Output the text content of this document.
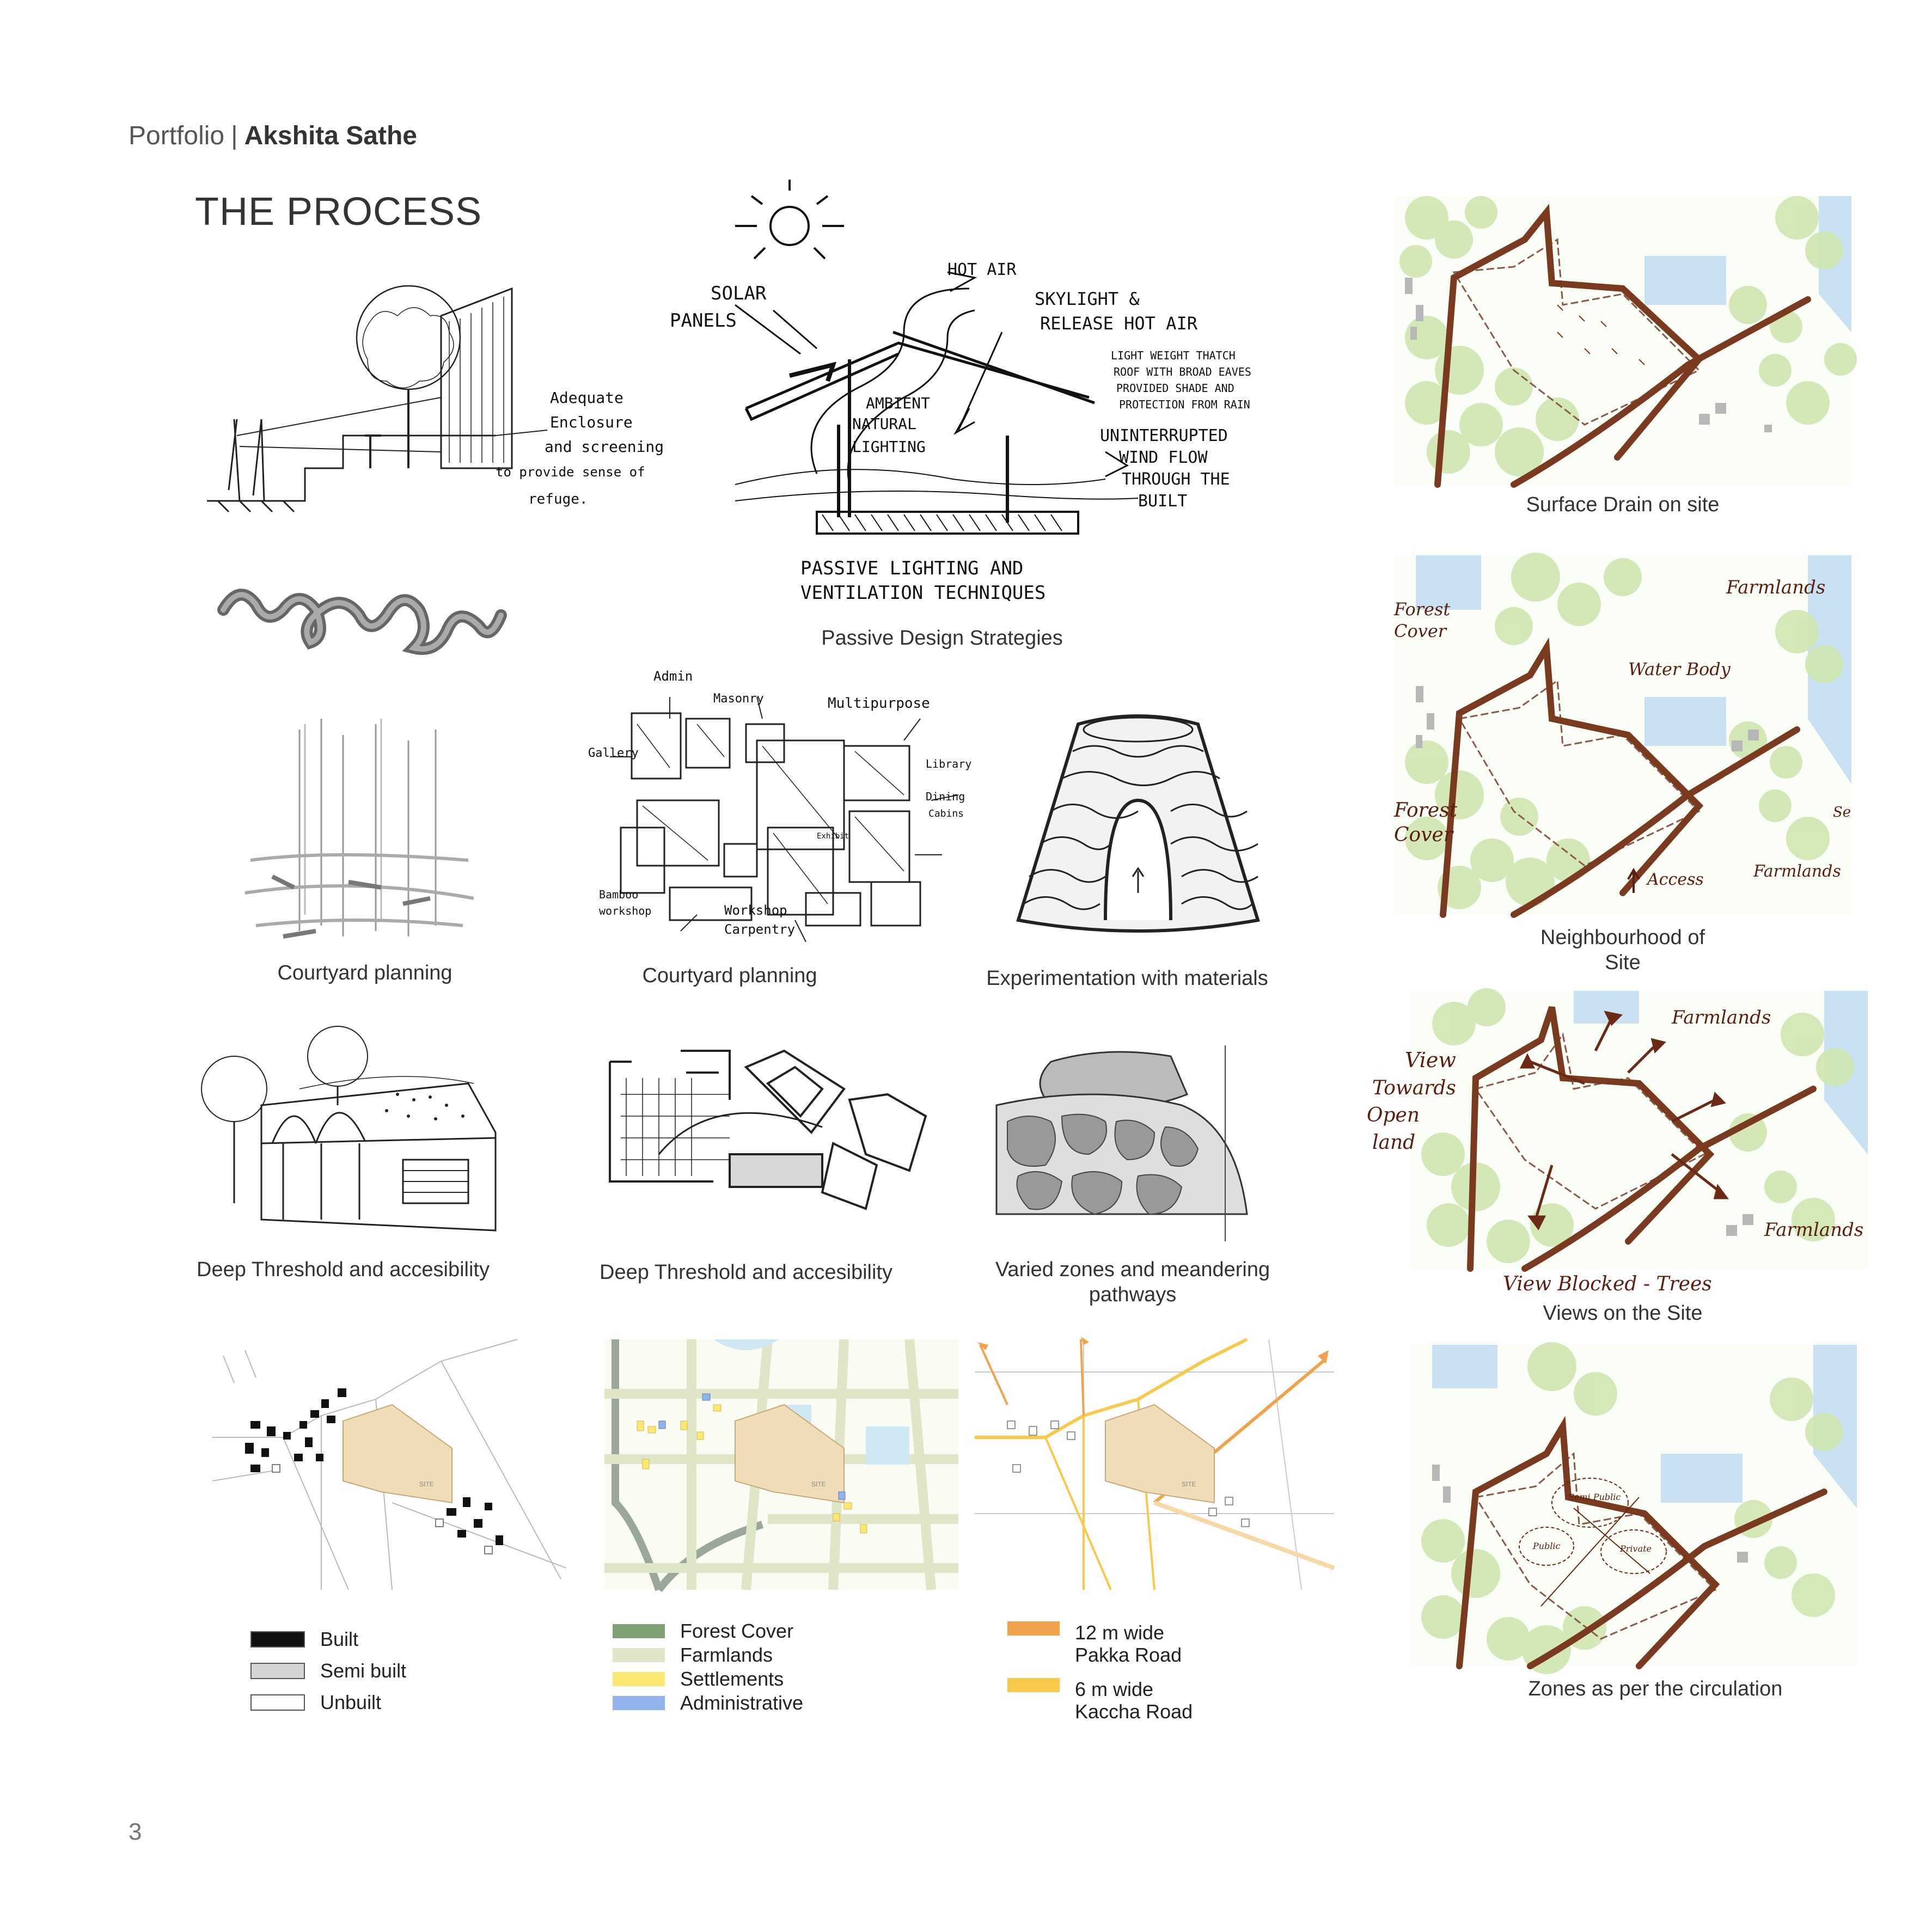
Portfolio | Akshita Sathe
THE PROCESS
Adequate
Enclosure
and screening
to provide sense of
refuge.
HOT AIR
SOLAR
PANELS
SKYLIGHT &
RELEASE HOT AIR
LIGHT WEIGHT THATCH
ROOF WITH BROAD EAVES
PROVIDED SHADE AND
PROTECTION FROM RAIN
AMBIENT
NATURAL
LIGHTING
UNINTERRUPTED
WIND FLOW
THROUGH THE
BUILT
PASSIVE LIGHTING AND
VENTILATION TECHNIQUES
Passive Design Strategies
Courtyard planning
Admin
Masonry	Multipurpose
Gallery
Library
Dining
Cabins
Exhibit
Bamboo
workshop	Workshop
Carpentry
Courtyard planning	Experimentation with materials
Deep Threshold and accesibility	Deep Threshold and accesibility	Varied zones and meandering pathways
SITE	SITE	SITE
Built
Semi built
Unbuilt
Forest Cover
Farmlands
Settlements
Administrative
12 m wide
Pakka Road
6 m wide
Kaccha Road
Surface Drain on site
Forest
Cover
Farmlands
Water Body
Forest
Cover
Access	Farmlands
Se
Neighbourhood of
Site
Farmlands
View
Towards
Open
land
Farmlands
View Blocked - Trees
Views on the Site
Semi Public
Public	Private
Zones as per the circulation
3
